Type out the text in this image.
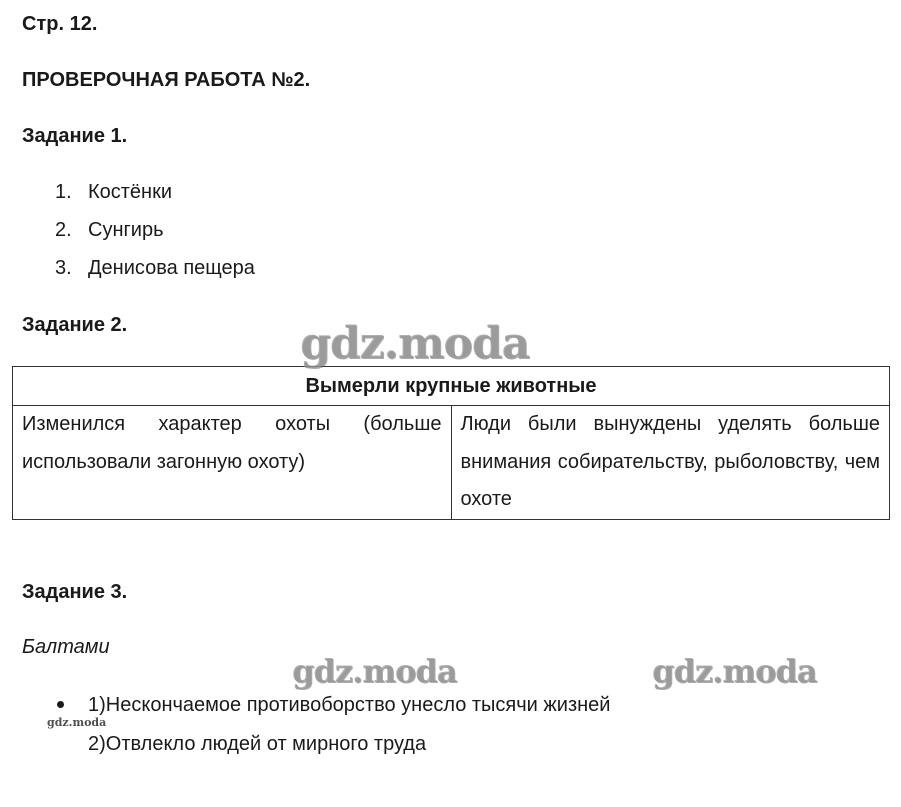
Стр. 12.
ПРОВЕРОЧНАЯ РАБОТА №2.
Задание 1.
1. Костёнки
2. Сунгирь
3. Денисова пещера
Задание 2.
Вымерли крупные животные
Изменился характер охоты (больше использовали загонную охоту)	Люди были вынуждены уделять больше внимания собирательству, рыболовству, чем охоте
Задание 3.
Балтами
1)Нескончаемое противоборство унесло тысячи жизней
2)Отвлекло людей от мирного труда
gdz.moda
gdz.moda	gdz.moda
gdz.moda
